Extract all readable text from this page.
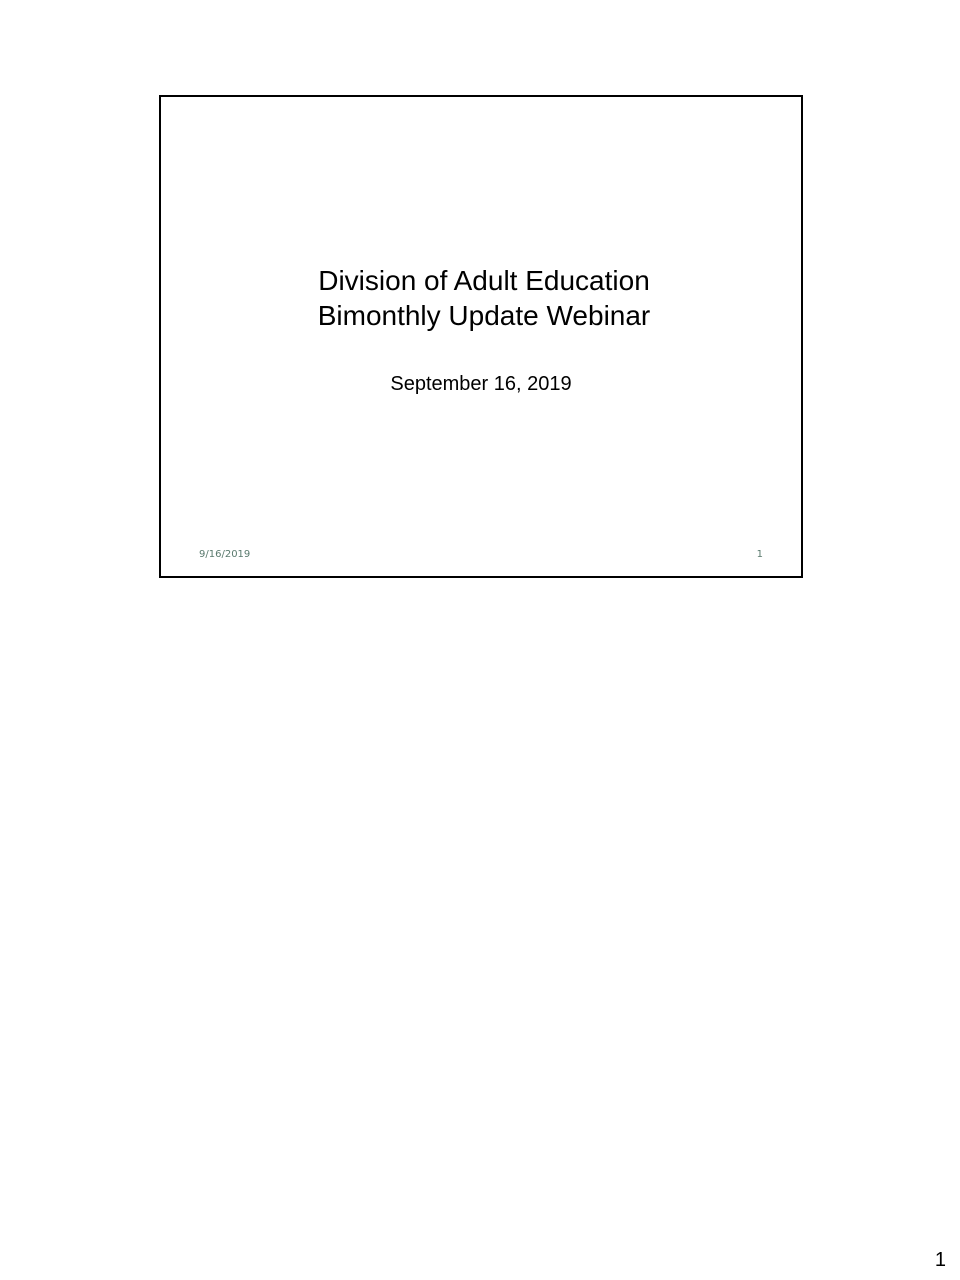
Division of Adult Education
Bimonthly Update Webinar
September 16, 2019
9/16/2019	1
1
